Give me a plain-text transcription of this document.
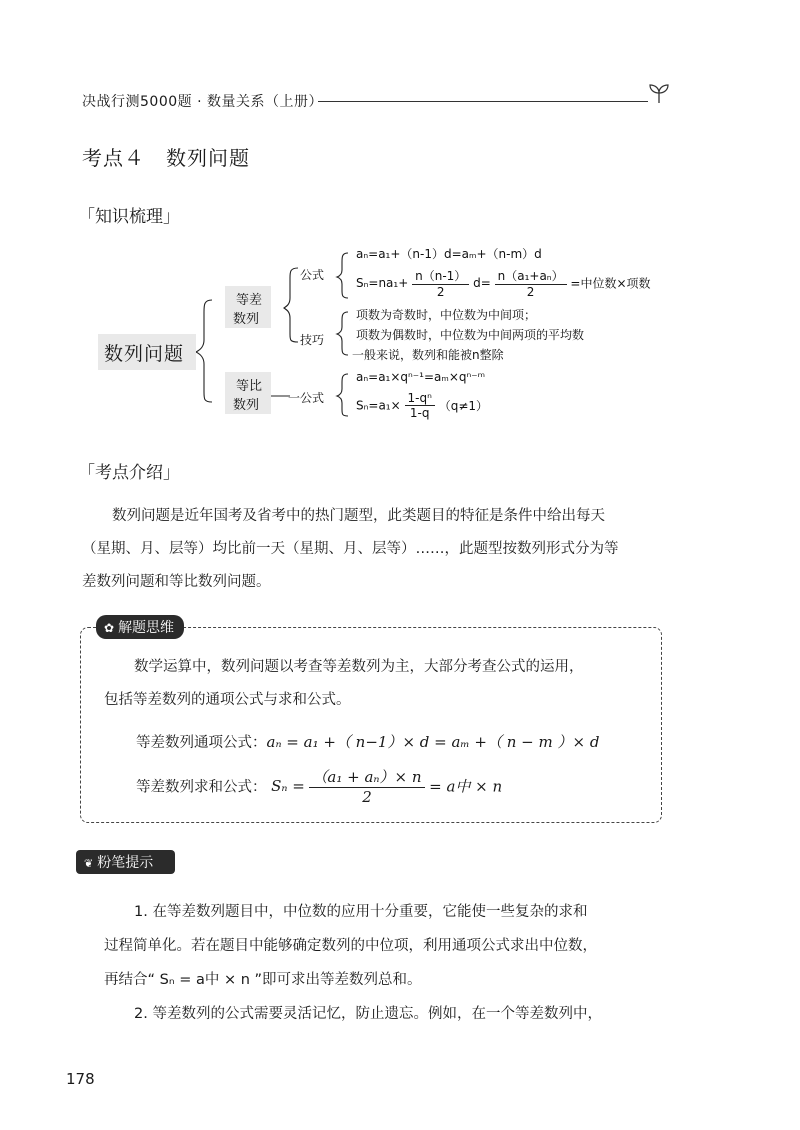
决战行测5000题 · 数量关系（上册）
考点４　数列问题
「知识梳理」
数列问题
等差
数列
等比
数列
公式
技巧
一公式
aₙ=a₁+（n-1）d=aₘ+（n-m）d
$S_n=na_1+ \frac{n(n-1)}{2} d= \frac{\text{n（a₁+aₙ）}}{2}$ =中位数×项数
项数为奇数时，中位数为中间项；
项数为偶数时，中位数为中间两项的平均数
一般来说，数列和能被n整除
aₙ=a₁×qⁿ⁻¹=aₘ×qⁿ⁻ᵐ
$S_n=a_1\times \frac{\text{1-qⁿ}}{1-q} (q\ne 1)$
「考点介绍」
数列问题是近年国考及省考中的热门题型，此类题目的特征是条件中给出每天
（星期、月、层等）均比前一天（星期、月、层等）……，此题型按数列形式分为等
差数列问题和等比数列问题。
✿ 解题思维
数学运算中，数列问题以考查等差数列为主，大部分考查公式的运用，
包括等差数列的通项公式与求和公式。
等差数列通项公式：aₙ = a₁ +（ n−1）× d = aₘ +（ n − m ）× d
等差数列求和公式： $S_n = \frac{\text{（a₁ + aₙ）× n}}{2} = a$中 × n
❦ 粉笔提示
1. 在等差数列题目中，中位数的应用十分重要，它能使一些复杂的求和
过程简单化。若在题目中能够确定数列的中位项，利用通项公式求出中位数，
再结合“ Sₙ = a中 × n ”即可求出等差数列总和。
2. 等差数列的公式需要灵活记忆，防止遗忘。例如，在一个等差数列中，
178
